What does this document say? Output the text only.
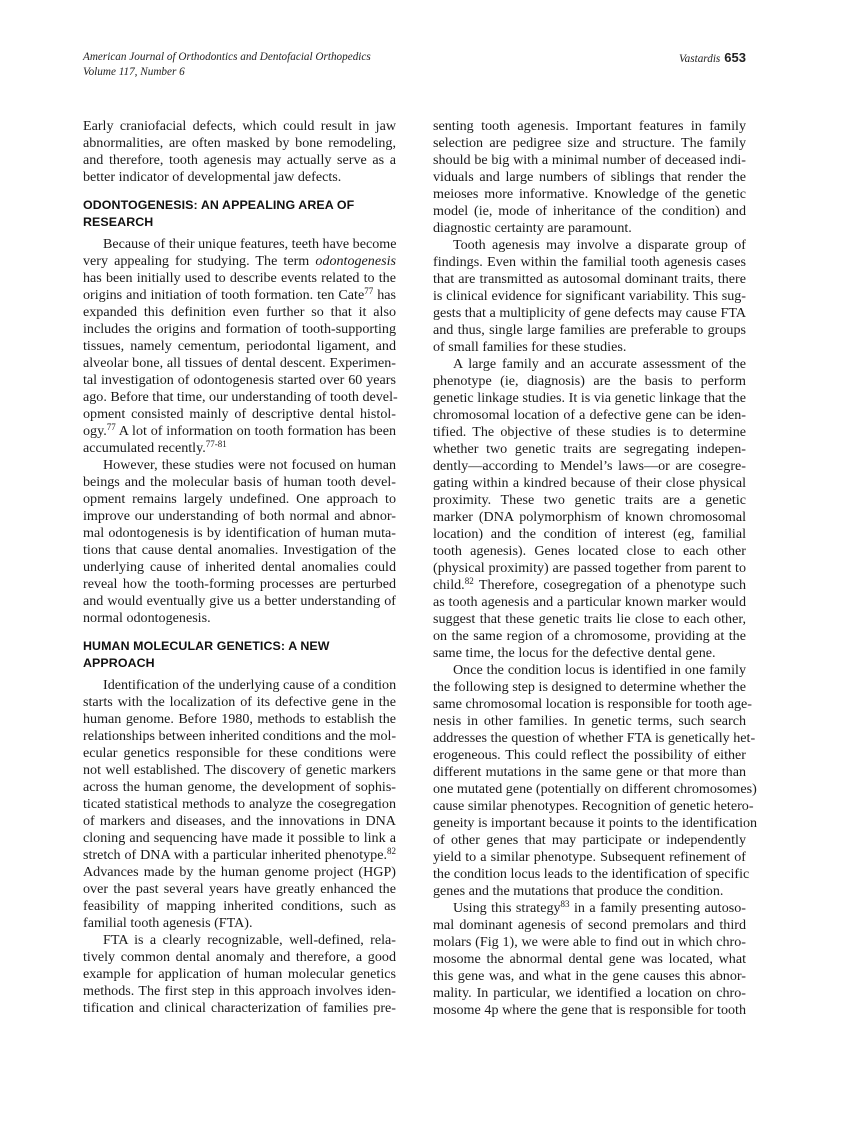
American Journal of Orthodontics and Dentofacial Orthopedics
Volume 117, Number 6
Vastardis 653
Early craniofacial defects, which could result in jaw
abnormalities, are often masked by bone remodeling,
and therefore, tooth agenesis may actually serve as a
better indicator of developmental jaw defects.
ODONTOGENESIS: AN APPEALING AREA OF
RESEARCH
Because of their unique features, teeth have become
very appealing for studying. The term odontogenesis
has been initially used to describe events related to the
origins and initiation of tooth formation. ten Cate$^{77}$ has
expanded this definition even further so that it also
includes the origins and formation of tooth-supporting
tissues, namely cementum, periodontal ligament, and
alveolar bone, all tissues of dental descent. Experimen-
tal investigation of odontogenesis started over 60 years
ago. Before that time, our understanding of tooth devel-
opment consisted mainly of descriptive dental histol-
ogy.$^{77}$ A lot of information on tooth formation has been
accumulated recently.$^{77-81}$
However, these studies were not focused on human
beings and the molecular basis of human tooth devel-
opment remains largely undefined. One approach to
improve our understanding of both normal and abnor-
mal odontogenesis is by identification of human muta-
tions that cause dental anomalies. Investigation of the
underlying cause of inherited dental anomalies could
reveal how the tooth-forming processes are perturbed
and would eventually give us a better understanding of
normal odontogenesis.
HUMAN MOLECULAR GENETICS: A NEW
APPROACH
Identification of the underlying cause of a condition
starts with the localization of its defective gene in the
human genome. Before 1980, methods to establish the
relationships between inherited conditions and the mol-
ecular genetics responsible for these conditions were
not well established. The discovery of genetic markers
across the human genome, the development of sophis-
ticated statistical methods to analyze the cosegregation
of markers and diseases, and the innovations in DNA
cloning and sequencing have made it possible to link a
stretch of DNA with a particular inherited phenotype.$^{82}$
Advances made by the human genome project (HGP)
over the past several years have greatly enhanced the
feasibility of mapping inherited conditions, such as
familial tooth agenesis (FTA).
FTA is a clearly recognizable, well-defined, rela-
tively common dental anomaly and therefore, a good
example for application of human molecular genetics
methods. The first step in this approach involves iden-
tification and clinical characterization of families pre-
senting tooth agenesis. Important features in family
selection are pedigree size and structure. The family
should be big with a minimal number of deceased indi-
viduals and large numbers of siblings that render the
meioses more informative. Knowledge of the genetic
model (ie, mode of inheritance of the condition) and
diagnostic certainty are paramount.
Tooth agenesis may involve a disparate group of
findings. Even within the familial tooth agenesis cases
that are transmitted as autosomal dominant traits, there
is clinical evidence for significant variability. This sug-
gests that a multiplicity of gene defects may cause FTA
and thus, single large families are preferable to groups
of small families for these studies.
A large family and an accurate assessment of the
phenotype (ie, diagnosis) are the basis to perform
genetic linkage studies. It is via genetic linkage that the
chromosomal location of a defective gene can be iden-
tified. The objective of these studies is to determine
whether two genetic traits are segregating indepen-
dently—according to Mendel’s laws—or are cosegre-
gating within a kindred because of their close physical
proximity. These two genetic traits are a genetic
marker (DNA polymorphism of known chromosomal
location) and the condition of interest (eg, familial
tooth agenesis). Genes located close to each other
(physical proximity) are passed together from parent to
child.$^{82}$ Therefore, cosegregation of a phenotype such
as tooth agenesis and a particular known marker would
suggest that these genetic traits lie close to each other,
on the same region of a chromosome, providing at the
same time, the locus for the defective dental gene.
Once the condition locus is identified in one family
the following step is designed to determine whether the
same chromosomal location is responsible for tooth age-
nesis in other families. In genetic terms, such search
addresses the question of whether FTA is genetically het-
erogeneous. This could reflect the possibility of either
different mutations in the same gene or that more than
one mutated gene (potentially on different chromosomes)
cause similar phenotypes. Recognition of genetic hetero-
geneity is important because it points to the identification
of other genes that may participate or independently
yield to a similar phenotype. Subsequent refinement of
the condition locus leads to the identification of specific
genes and the mutations that produce the condition.
Using this strategy$^{83}$ in a family presenting autoso-
mal dominant agenesis of second premolars and third
molars (Fig 1), we were able to find out in which chro-
mosome the abnormal dental gene was located, what
this gene was, and what in the gene causes this abnor-
mality. In particular, we identified a location on chro-
mosome 4p where the gene that is responsible for tooth
